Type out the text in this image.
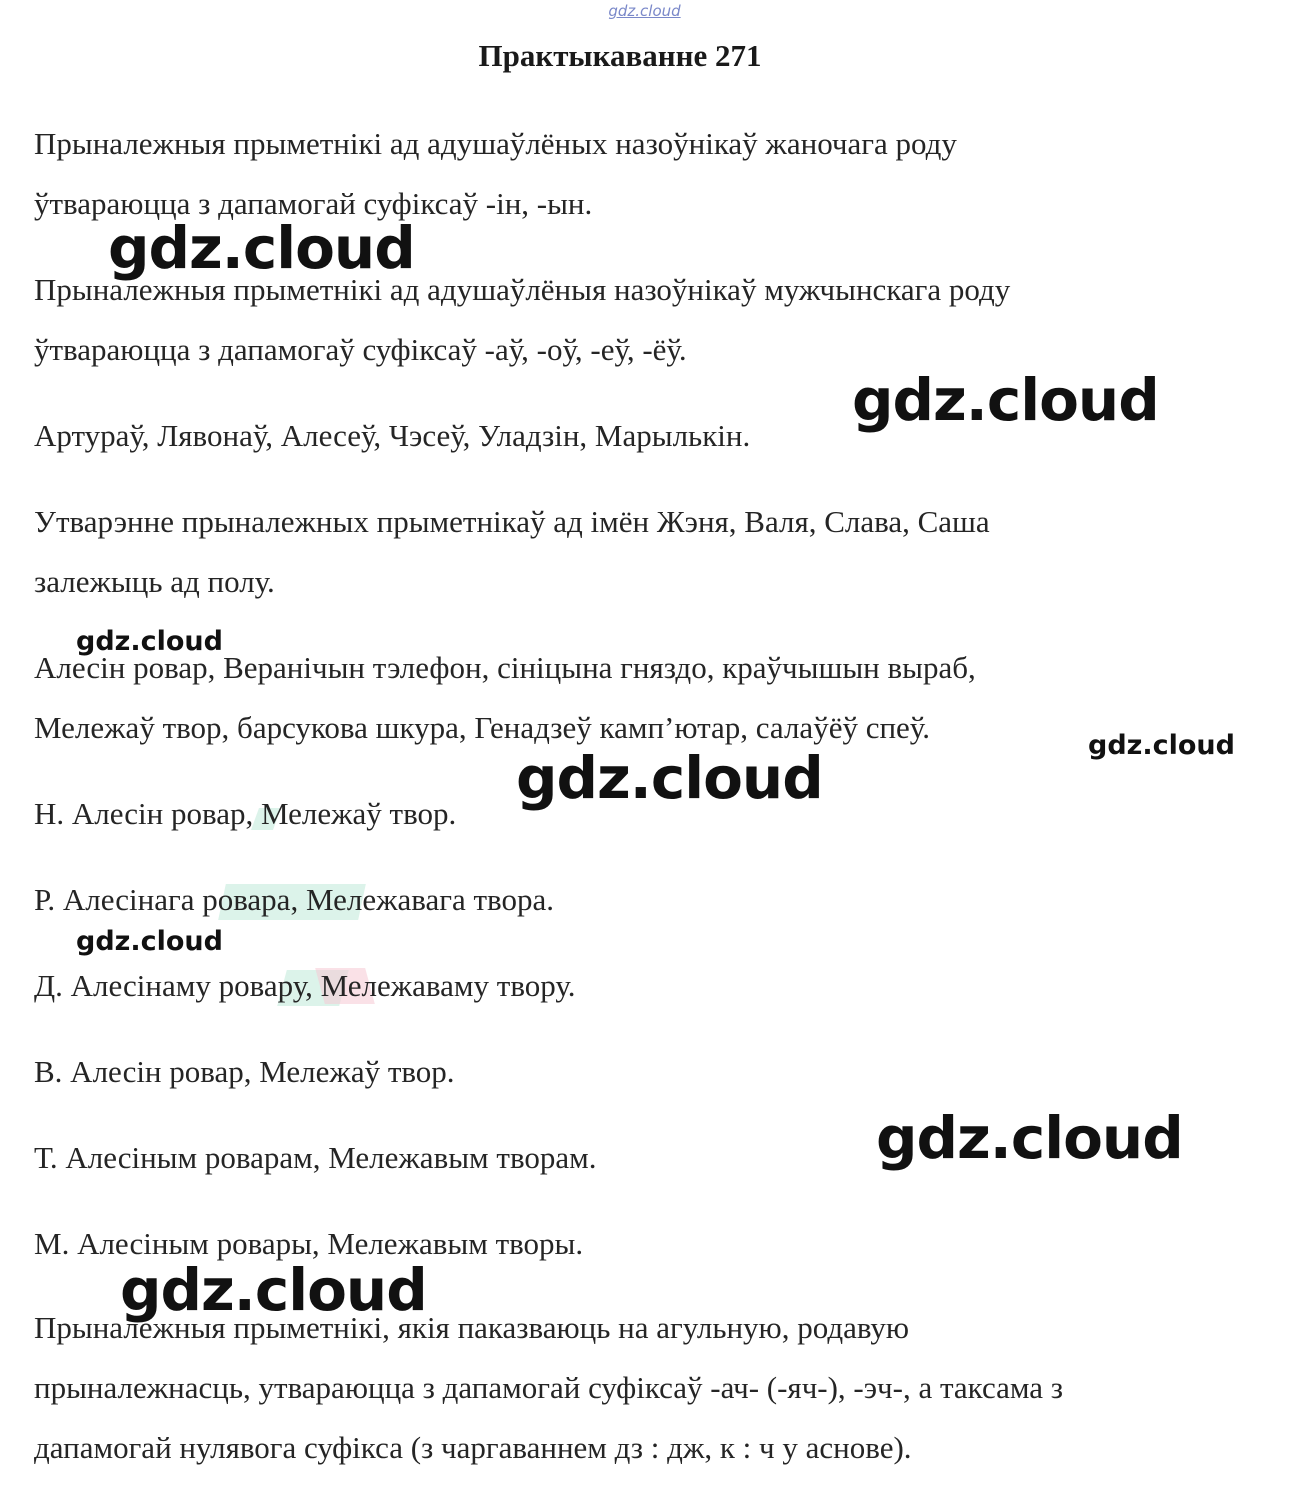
gdz.cloud
Практыкаванне 271
Прыналежныя прыметнікі ад адушаўлёных назоўнікаў жаночага роду
ўтвараюцца з дапамогай суфіксаў -ін, -ын.
Прыналежныя прыметнікі ад адушаўлёныя назоўнікаў мужчынскага роду
ўтвараюцца з дапамогаў суфіксаў -аў, -оў, -еў, -ёў.
Артураў, Лявонаў, Алесеў, Чэсеў, Уладзін, Марылькін.
Утварэнне прыналежных прыметнікаў ад імён Жэня, Валя, Слава, Саша
залежыць ад полу.
Алесін ровар, Веранічын тэлефон, сініцына гняздо, краўчышын выраб,
Мележаў твор, барсукова шкура, Генадзеў камп’ютар, салаўёў спеў.
Н. Алесін ровар, Мележаў твор.
Р. Алесінага ровара, Мележавага твора.
Д. Алесінаму ровару, Мележаваму твору.
В. Алесін ровар, Мележаў твор.
Т. Алесіным роварам, Мележавым творам.
М. Алесіным ровары, Мележавым творы.
Прыналежныя прыметнікі, якія паказваюць на агульную, родавую
прыналежнасць, утвараюцца з дапамогай суфіксаў -ач- (-яч-), -эч-, а таксама з
дапамогай нулявога суфікса (з чаргаваннем дз : дж, к : ч у аснове).
gdz.cloud
gdz.cloud
gdz.cloud
gdz.cloud
gdz.cloud
gdz.cloud
gdz.cloud
gdz.cloud
